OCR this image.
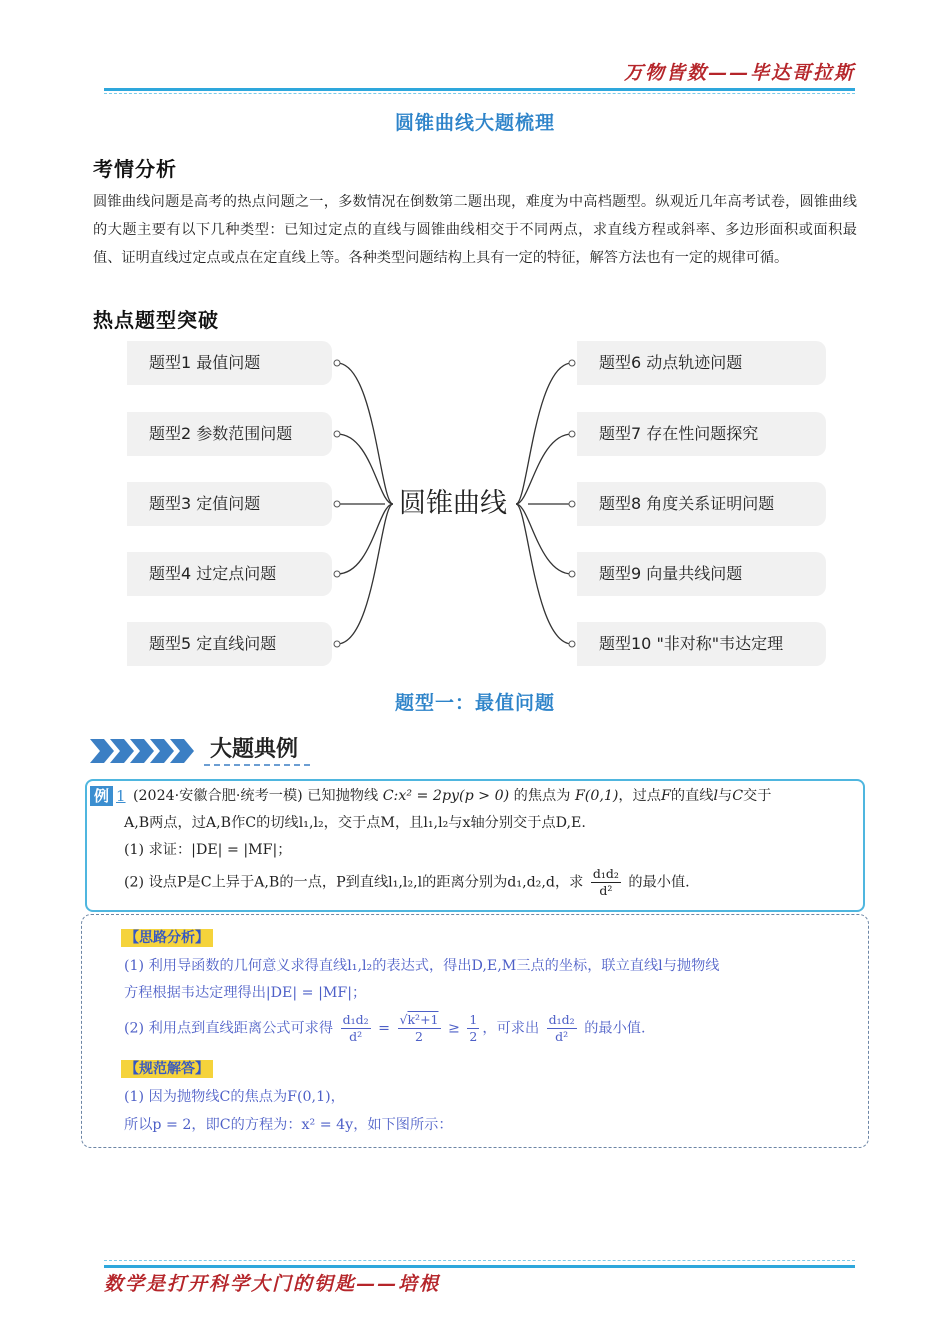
万物皆数——毕达哥拉斯
圆锥曲线大题梳理
考情分析
圆锥曲线问题是高考的热点问题之一，多数情况在倒数第二题出现，难度为中高档题型。纵观近几年高考试卷，圆锥曲线的大题主要有以下几种类型：已知过定点的直线与圆锥曲线相交于不同两点，求直线方程或斜率、多边形面积或面积最值、证明直线过定点或点在定直线上等。各种类型问题结构上具有一定的特征，解答方法也有一定的规律可循。
热点题型突破
题型1 最值问题
题型2 参数范围问题
题型3 定值问题
题型4 过定点问题
题型5 定直线问题
圆锥曲线
题型6 动点轨迹问题
题型7 存在性问题探究
题型8 角度关系证明问题
题型9 向量共线问题
题型10 "非对称"韦达定理
题型一：最值问题
大题典例
例 1 (2024·安徽合肥·统考一模) 已知抛物线 C:x² = 2py(p > 0) 的焦点为 F(0,1)，过点F的直线l与C交于
A,B两点，过A,B作C的切线l₁,l₂，交于点M，且l₁,l₂与x轴分别交于点D,E.
(1) 求证：|DE| = |MF|；
(2) 设点P是C上异于A,B的一点，P到直线l₁,l₂,l的距离分别为d₁,d₂,d，求 $\frac{\text{d₁d₂}}{\text{d²}}$ 的最小值.
【思路分析】
(1) 利用导函数的几何意义求得直线l₁,l₂的表达式，得出D,E,M三点的坐标，联立直线l与抛物线
方程根据韦达定理得出|DE| = |MF|；
(2) 利用点到直线距离公式可求得 $\frac{\text{d₁d₂}}{\text{d²}} = \frac{\text{√k²+1}}{2} \ge \frac{1}{2}$ ，可求出 $\frac{\text{d₁d₂}}{\text{d²}}$ 的最小值.
【规范解答】
(1) 因为抛物线C的焦点为F(0,1)，
所以p = 2，即C的方程为：x² = 4y，如下图所示：
数学是打开科学大门的钥匙——培根
